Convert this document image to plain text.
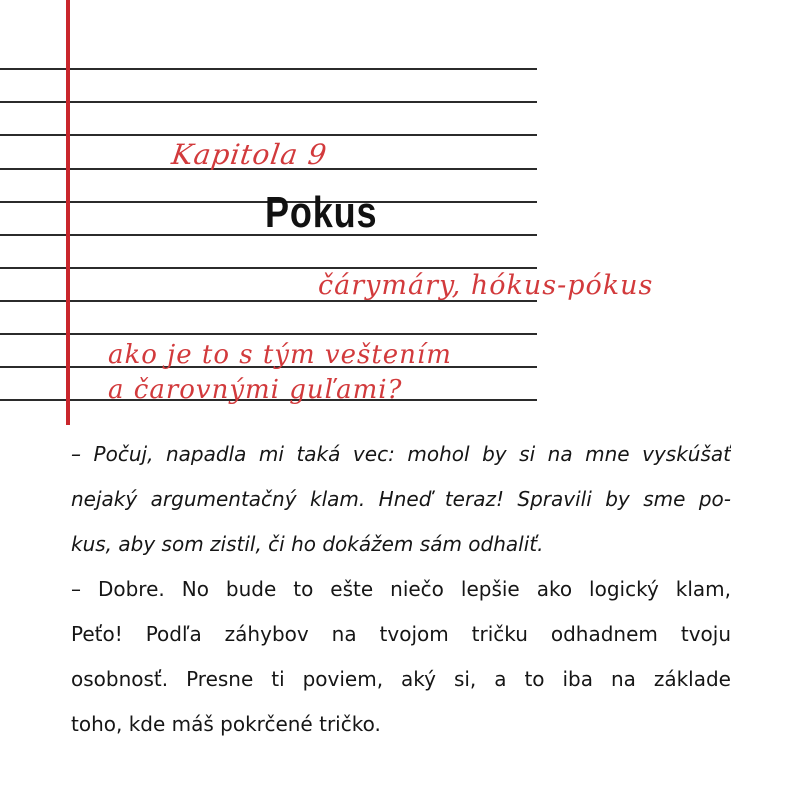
Kapitola 9
Pokus
čárymáry, hókus-pókus
ako je to s tým veštením
a čarovnými guľami?

– Počuj, napadla mi taká vec: mohol by si na mne vyskúšať

nejaký argumentačný klam. Hneď teraz! Spravili by sme po-

kus, aby som zistil, či ho dokážem sám odhaliť.

– Dobre. No bude to ešte niečo lepšie ako logický klam,

Peťo! Podľa záhybov na tvojom tričku odhadnem tvoju

osobnosť. Presne ti poviem, aký si, a to iba na základe

toho, kde máš pokrčené tričko.
